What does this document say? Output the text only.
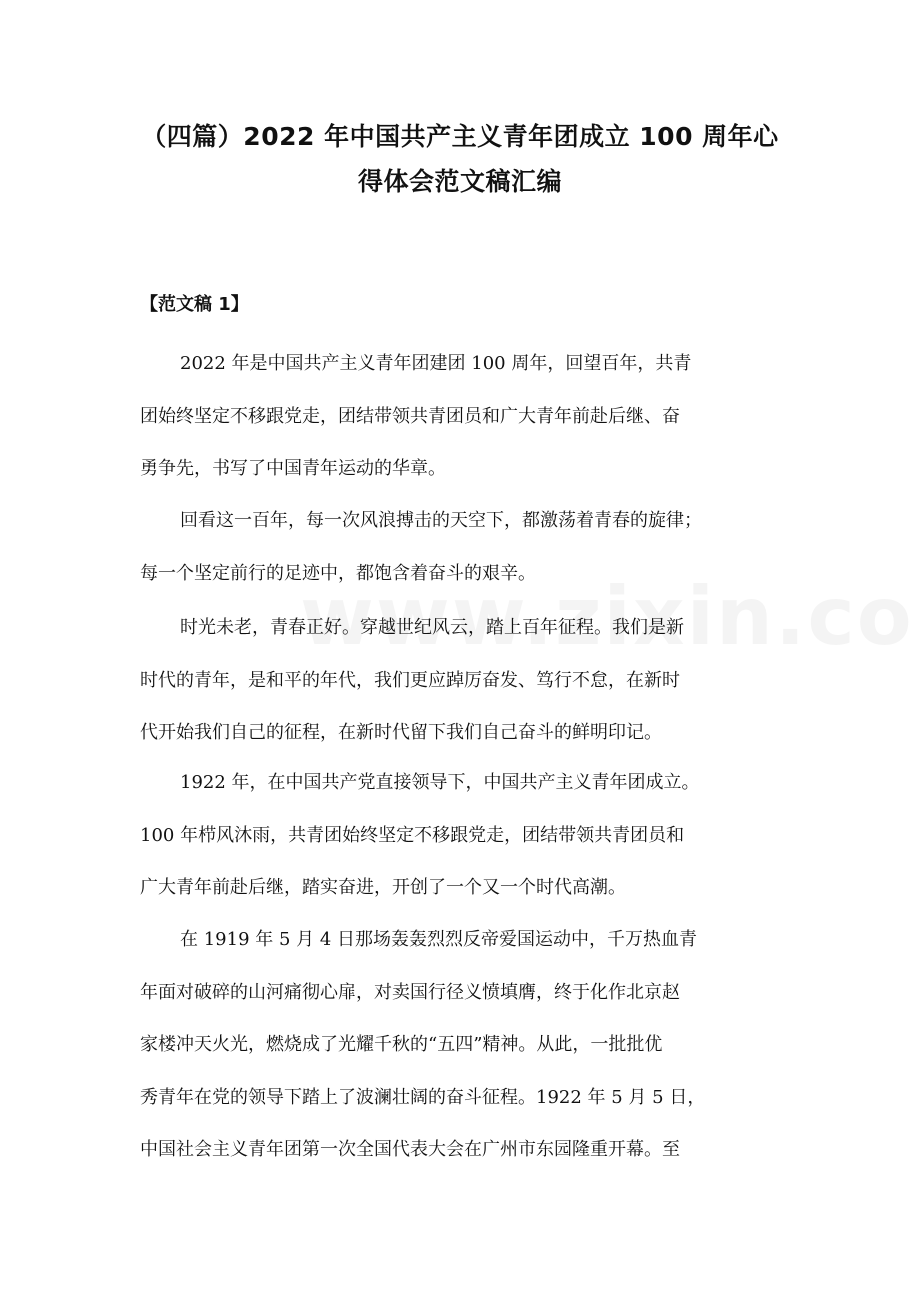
（四篇）2022 年中国共产主义青年团成立 100 周年心
得体会范文稿汇编
【范文稿 1】

2022 年是中国共产主义青年团建团 100 周年，回望百年，共青
团始终坚定不移跟党走，团结带领共青团员和广大青年前赴后继、奋
勇争先，书写了中国青年运动的华章。

回看这一百年，每一次风浪搏击的天空下，都激荡着青春的旋律；
每一个坚定前行的足迹中，都饱含着奋斗的艰辛。

时光未老，青春正好。穿越世纪风云，踏上百年征程。我们是新
时代的青年，是和平的年代，我们更应踔厉奋发、笃行不怠，在新时
代开始我们自己的征程，在新时代留下我们自己奋斗的鲜明印记。

1922 年，在中国共产党直接领导下，中国共产主义青年团成立。
100 年栉风沐雨，共青团始终坚定不移跟党走，团结带领共青团员和
广大青年前赴后继，踏实奋进，开创了一个又一个时代高潮。

在 1919 年 5 月 4 日那场轰轰烈烈反帝爱国运动中，千万热血青
年面对破碎的山河痛彻心扉，对卖国行径义愤填膺，终于化作北京赵
家楼冲天火光，燃烧成了光耀千秋的“五四”精神。从此，一批批优
秀青年在党的领导下踏上了波澜壮阔的奋斗征程。1922 年 5 月 5 日，
中国社会主义青年团第一次全国代表大会在广州市东园隆重开幕。至
